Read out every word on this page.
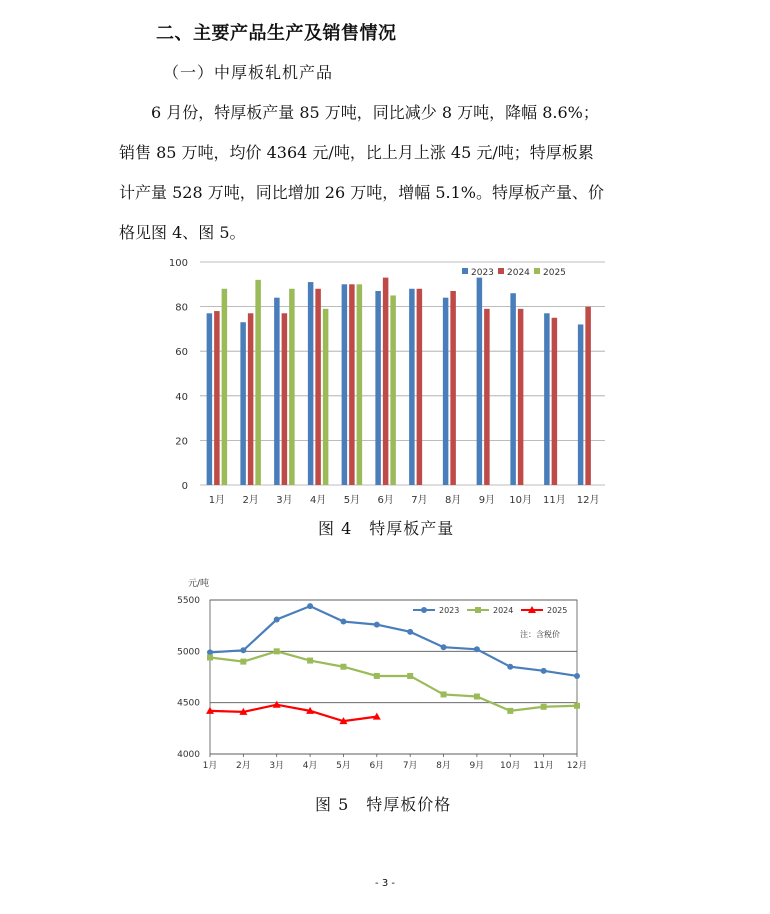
二、主要产品生产及销售情况
（一）中厚板轧机产品
6 月份，特厚板产量 85 万吨，同比减少 8 万吨，降幅 8.6%；
销售 85 万吨，均价 4364 元/吨，比上月上涨 45 元/吨；特厚板累
计产量 528 万吨，同比增加 26 万吨，增幅 5.1%。特厚板产量、价
格见图 4、图 5。
0
20
40
60
80
100
1月 2月 3月 4月 5月 6月 7月 8月 9月 10月 11月 12月
2023 2024 2025
图 4　特厚板产量
元/吨
4000
4500
5000
5500
1月 2月 3月 4月 5月 6月 7月 8月 9月 10月 11月 12月
2023	2024	2025
注：含税价
图 5　特厚板价格
- 3 -
